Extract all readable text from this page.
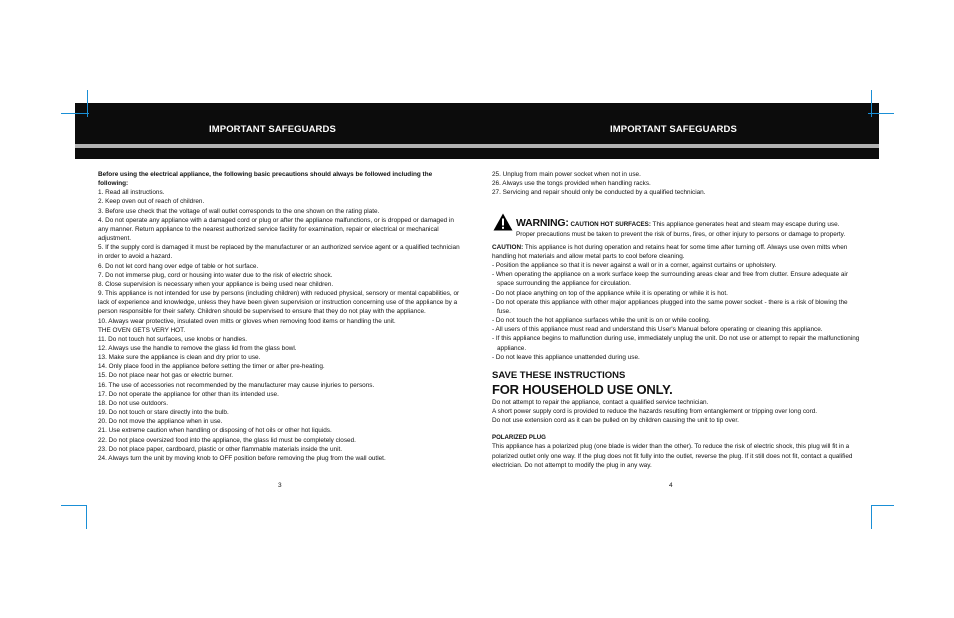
IMPORTANT SAFEGUARDS	IMPORTANT SAFEGUARDS

Before using the electrical appliance, the following basic precautions should always be followed including the following:

1. Read all instructions.

2. Keep oven out of reach of children.

3. Before use check that the voltage of wall outlet corresponds to the one shown on the rating plate.

4. Do not operate any appliance with a damaged cord or plug or after the appliance malfunctions, or is dropped or damaged in any manner. Return appliance to the nearest authorized service facility for examination, repair or electrical or mechanical adjustment.

5. If the supply cord is damaged it must be replaced by the manufacturer or an authorized service agent or a qualified technician in order to avoid a hazard.

6. Do not let cord hang over edge of table or hot surface.

7. Do not immerse plug, cord or housing into water due to the risk of electric shock.

8. Close supervision is necessary when your appliance is being used near children.

9. This appliance is not intended for use by persons (including children) with reduced physical, sensory or mental capabilities, or lack of experience and knowledge, unless they have been given supervision or instruction concerning use of the appliance by a person responsible for their safety. Children should be supervised to ensure that they do not play with the appliance.

10. Always wear protective, insulated oven mitts or gloves when removing food items or handling the unit.

THE OVEN GETS VERY HOT.

11. Do not touch hot surfaces, use knobs or handles.

12. Always use the handle to remove the glass lid from the glass bowl.

13. Make sure the appliance is clean and dry prior to use.

14. Only place food in the appliance before setting the timer or after pre-heating.

15. Do not place near hot gas or electric burner.

16. The use of accessories not recommended by the manufacturer may cause injuries to persons.

17. Do not operate the appliance for other than its intended use.

18. Do not use outdoors.

19. Do not touch or stare directly into the bulb.

20. Do not move the appliance when in use.

21. Use extreme caution when handling or disposing of hot oils or other hot liquids.

22. Do not place oversized food into the appliance, the glass lid must be completely closed.

23. Do not place paper, cardboard, plastic or other flammable materials inside the unit.

24. Always turn the unit by moving knob to OFF position before removing the plug from the wall outlet.

3

25. Unplug from main power socket when not in use.

26. Always use the tongs provided when handling racks.

27. Servicing and repair should only be conducted by a qualified technician.

WARNING: CAUTION HOT SURFACES: This appliance generates heat and steam may escape during use. Proper precautions must be taken to prevent the risk of burns, fires, or other injury to persons or damage to property.

CAUTION: This appliance is hot during operation and retains heat for some time after turning off. Always use oven mitts when handling hot materials and allow metal parts to cool before cleaning.

- Position the appliance so that it is never against a wall or in a corner, against curtains or upholstery.

- When operating the appliance on a work surface keep the surrounding areas clear and free from clutter. Ensure adequate air space surrounding the appliance for circulation.

- Do not place anything on top of the appliance while it is operating or while it is hot.

- Do not operate this appliance with other major appliances plugged into the same power socket - there is a risk of blowing the fuse.

- Do not touch the hot appliance surfaces while the unit is on or while cooling.

- All users of this appliance must read and understand this User's Manual before operating or cleaning this appliance.

- If this appliance begins to malfunction during use, immediately unplug the unit. Do not use or attempt to repair the malfunctioning appliance.

- Do not leave this appliance unattended during use.

SAVE THESE INSTRUCTIONS

FOR HOUSEHOLD USE ONLY.

Do not attempt to repair the appliance, contact a qualified service technician.

A short power supply cord is provided to reduce the hazards resulting from entanglement or tripping over long cord.

Do not use extension cord as it can be pulled on by children causing the unit to tip over.

POLARIZED PLUG

This appliance has a polarized plug (one blade is wider than the other). To reduce the risk of electric shock, this plug will fit in a polarized outlet only one way. If the plug does not fit fully into the outlet, reverse the plug. If it still does not fit, contact a qualified electrician. Do not attempt to modify the plug in any way.

4
